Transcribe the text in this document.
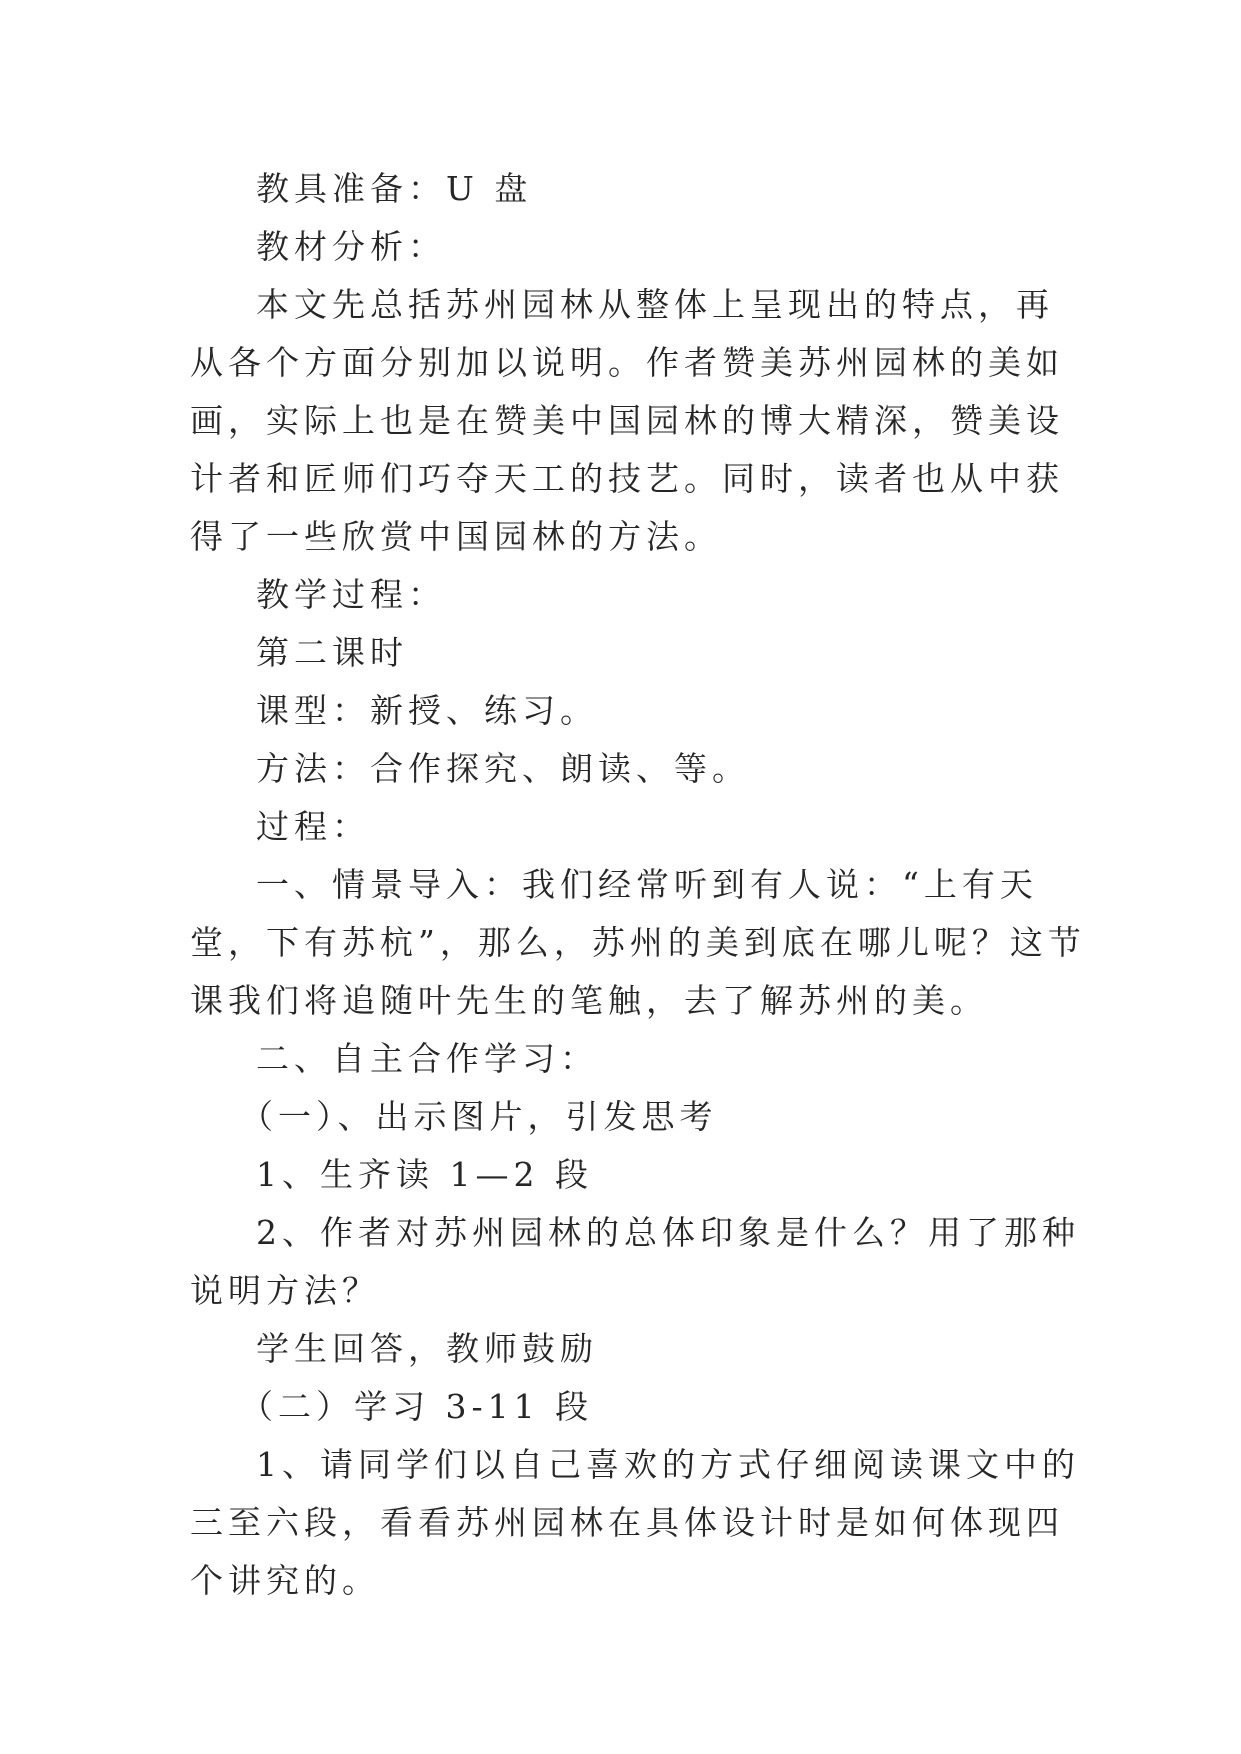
教具准备：U 盘

教材分析：

本文先总括苏州园林从整体上呈现出的特点，再从各个方面分别加以说明。作者赞美苏州园林的美如画，实际上也是在赞美中国园林的博大精深，赞美设计者和匠师们巧夺天工的技艺。同时，读者也从中获得了一些欣赏中国园林的方法。

教学过程：

第二课时

课型：新授、练习。

方法：合作探究、朗读、等。

过程：

一、情景导入：我们经常听到有人说：“上有天堂，下有苏杭”，那么，苏州的美到底在哪儿呢？这节课我们将追随叶先生的笔触，去了解苏州的美。

二、自主合作学习：

（一）、出示图片，引发思考

1、生齐读 1—2 段

2、作者对苏州园林的总体印象是什么？用了那种说明方法？

学生回答，教师鼓励

（二）学习 3-11 段

1、请同学们以自己喜欢的方式仔细阅读课文中的三至六段，看看苏州园林在具体设计时是如何体现四个讲究的。
